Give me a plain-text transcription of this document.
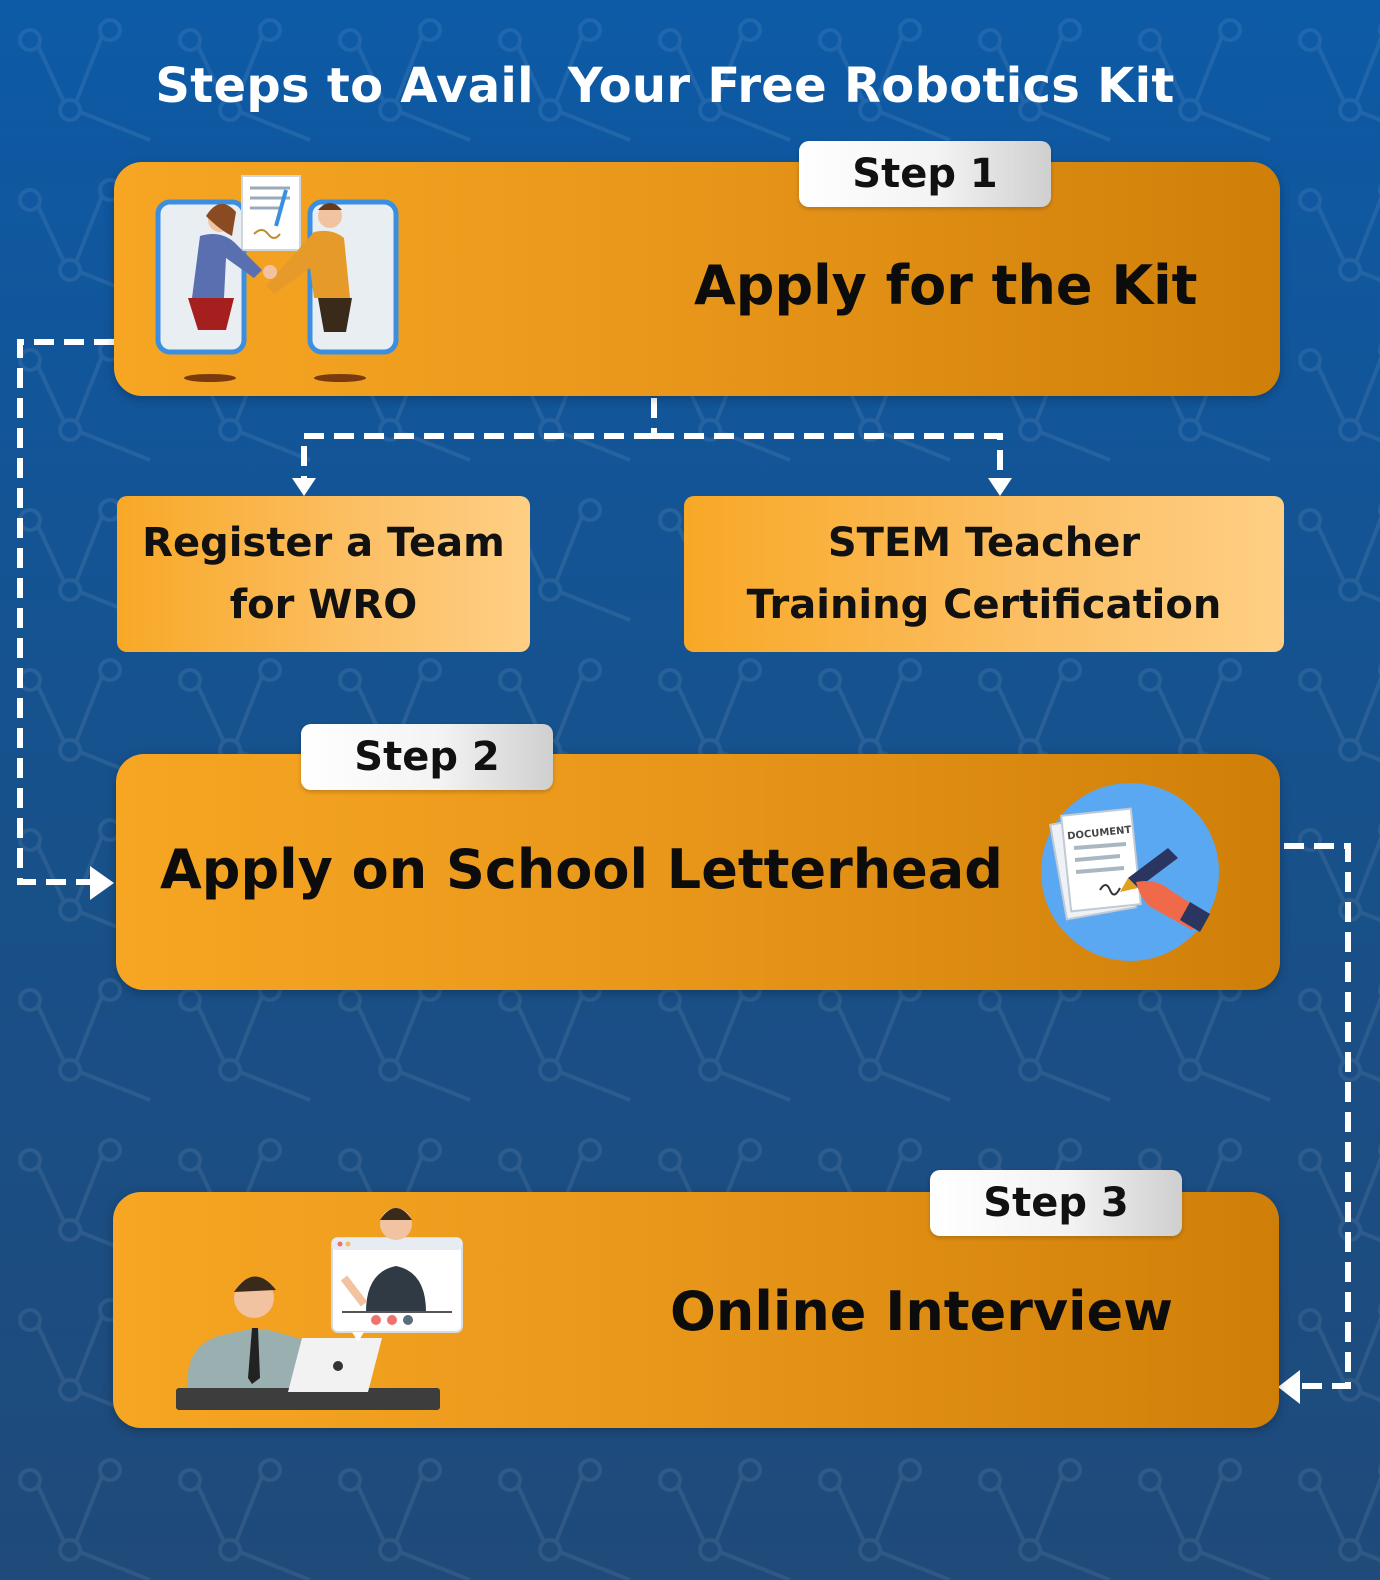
Steps to Avail  Your Free Robotics Kit
Apply for the Kit
Step 1
Register a Team
for WRO
STEM Teacher
Training Certification
Apply on School Letterhead
Step 2
DOCUMENT
Online Interview
Step 3
